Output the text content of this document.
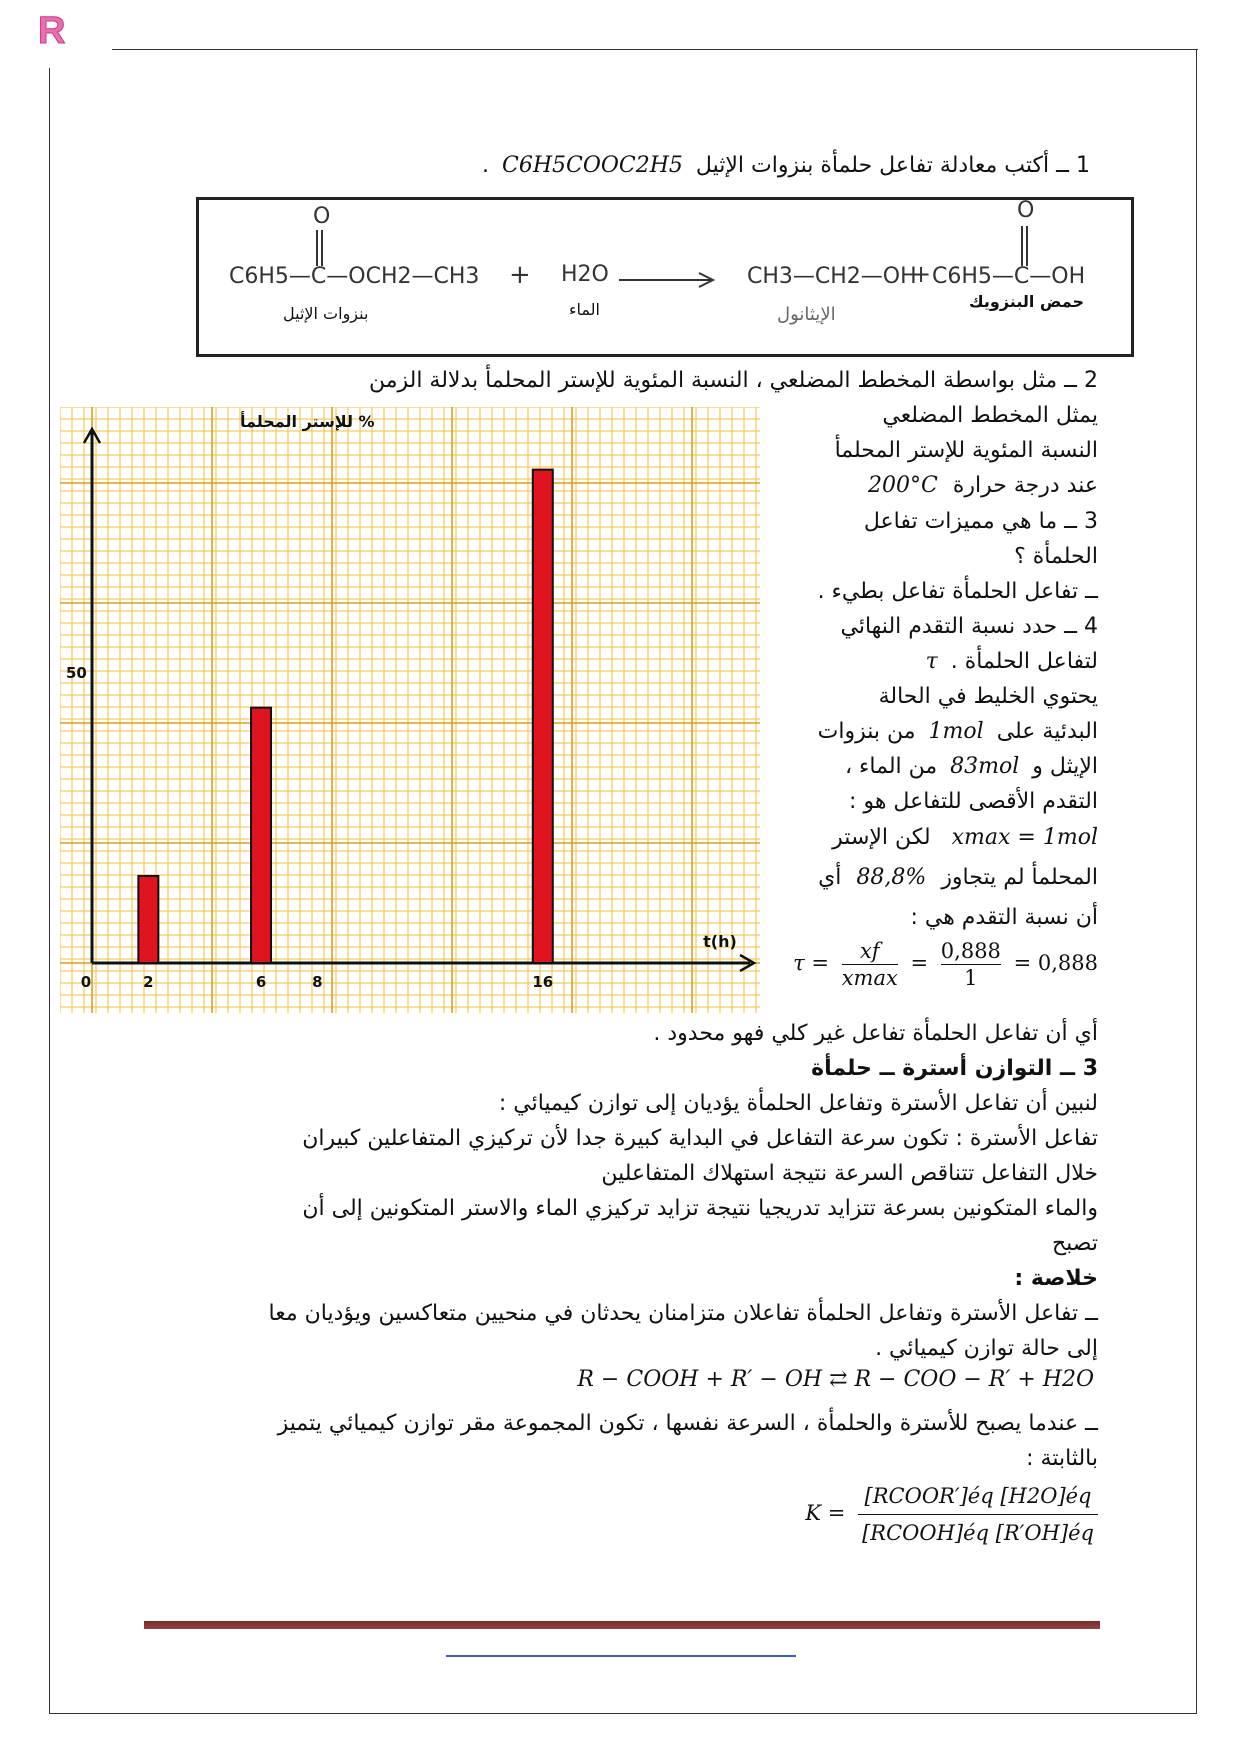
R
1 ــ أكتب معادلة تفاعل حلمأة بنزوات الإثيل C6H5COOC2H5 .
O
C6H5—C—OCH2—CH3 + H2O	CH3—CH2—OH
+
O
C6H5—C—OH
بنزوات الإثيل	الماء	الإيثانول
حمض البنزويك
2 ــ مثل بواسطة المخطط المضلعي ، النسبة المئوية للإستر المحلمأ بدلالة الزمن
يمثل المخطط المضلعي
النسبة المئوية للإستر المحلمأ
عند درجة حرارة 200°C
3 ــ ما هي مميزات تفاعل
الحلمأة ؟
ــ تفاعل الحلمأة تفاعل بطيء .
4 ــ حدد نسبة التقدم النهائي
لتفاعل الحلمأة . τ
يحتوي الخليط في الحالة
البدئية على 1mol من بنزوات
الإيثل و 83mol من الماء ،
التقدم الأقصى للتفاعل هو :
xmax = 1mol لكن الإستر
المحلمأ لم يتجاوز 88,8% أي
أن نسبة التقدم هي :
$\tau = \frac{xf}{xmax} = \frac{0,888}{1} = 0,888$
أي أن تفاعل الحلمأة تفاعل غير كلي فهو محدود .
0	2	6	8	16
50
t(h)
% للإستر المحلمأ
3 ــ التوازن أسترة ــ حلمأة
لنبين أن تفاعل الأسترة وتفاعل الحلمأة يؤديان إلى توازن كيميائي :
تفاعل الأسترة : تكون سرعة التفاعل في البداية كبيرة جدا لأن تركيزي المتفاعلين كبيران
خلال التفاعل تتناقص السرعة نتيجة استهلاك المتفاعلين
والماء المتكونين بسرعة تتزايد تدريجيا نتيجة تزايد تركيزي الماء والاستر المتكونين إلى أن
تصبح
خلاصة :
ــ تفاعل الأسترة وتفاعل الحلمأة تفاعلان متزامنان يحدثان في منحيين متعاكسين ويؤديان معا
إلى حالة توازن كيميائي .
R − COOH + R′ − OH ⇄ R − COO − R′ + H2O
ــ عندما يصبح للأسترة والحلمأة ، السرعة نفسها ، تكون المجموعة مقر توازن كيميائي يتميز
بالثابتة :
$K = \frac{\text{[RCOOR′]éq [H2O]éq}}{\text{[RCOOH]éq [R′OH]éq}}$
